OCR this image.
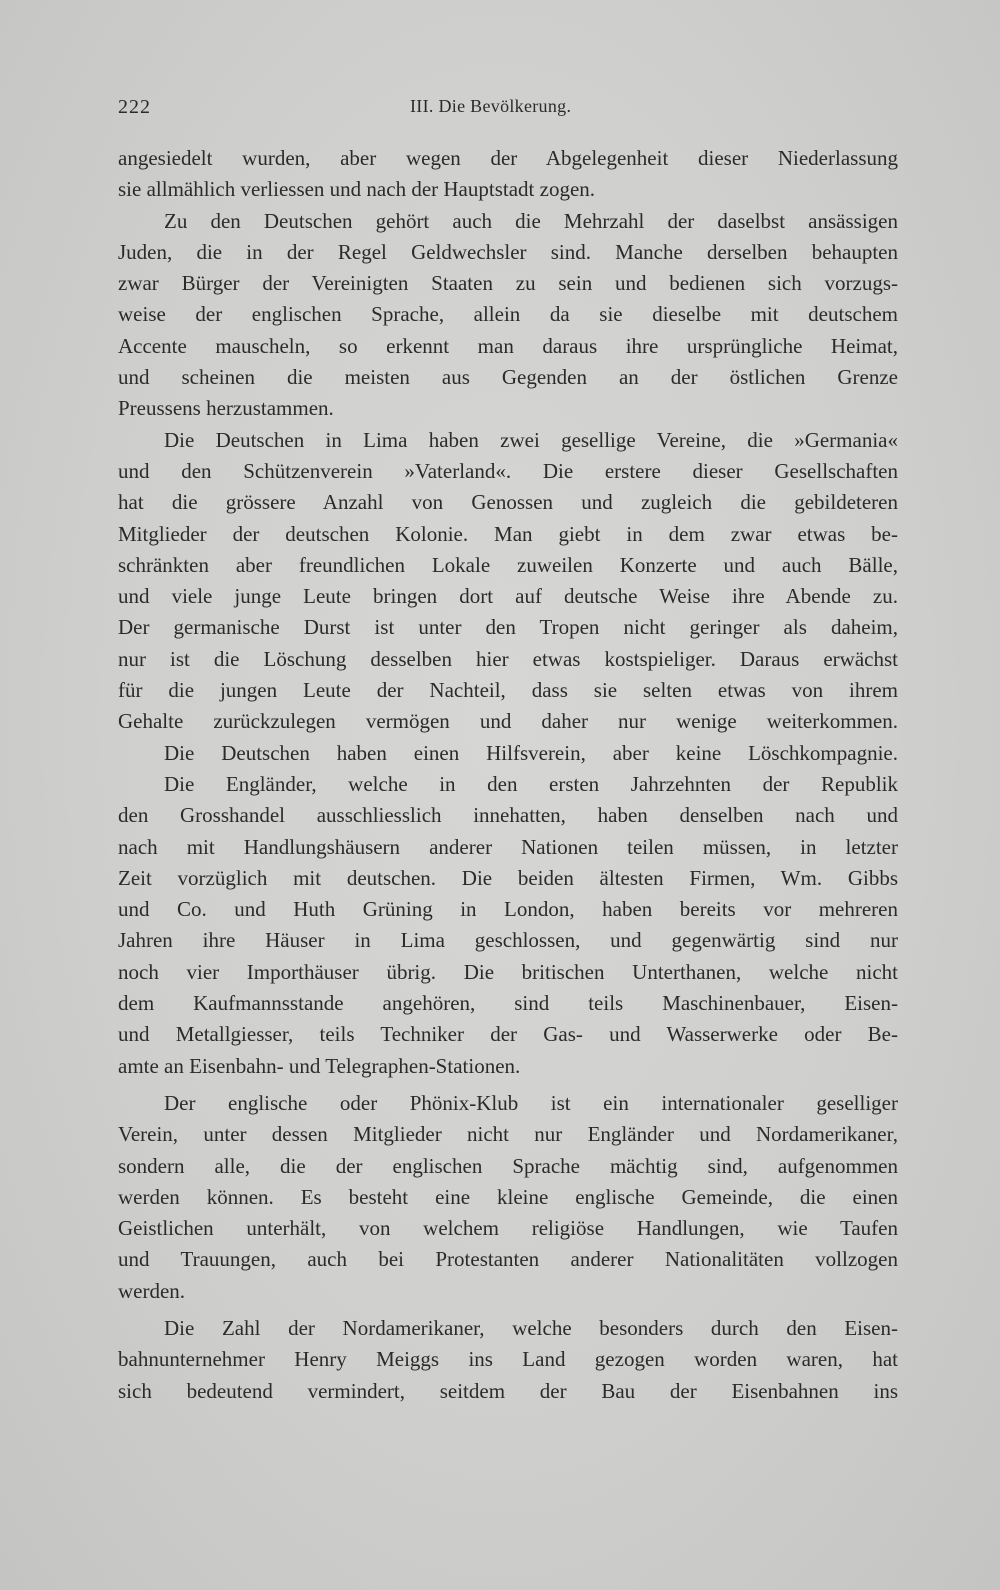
222	III. Die Bevölkerung.
angesiedelt wurden, aber wegen der Abgelegenheit dieser Niederlassung
sie allmählich verliessen und nach der Hauptstadt zogen.
Zu den Deutschen gehört auch die Mehrzahl der daselbst ansässigen
Juden, die in der Regel Geldwechsler sind. Manche derselben behaupten
zwar Bürger der Vereinigten Staaten zu sein und bedienen sich vorzugs-
weise der englischen Sprache, allein da sie dieselbe mit deutschem
Accente mauscheln, so erkennt man daraus ihre ursprüngliche Heimat,
und scheinen die meisten aus Gegenden an der östlichen Grenze
Preussens herzustammen.
Die Deutschen in Lima haben zwei gesellige Vereine, die »Germania«
und den Schützenverein »Vaterland«. Die erstere dieser Gesellschaften
hat die grössere Anzahl von Genossen und zugleich die gebildeteren
Mitglieder der deutschen Kolonie. Man giebt in dem zwar etwas be-
schränkten aber freundlichen Lokale zuweilen Konzerte und auch Bälle,
und viele junge Leute bringen dort auf deutsche Weise ihre Abende zu.
Der germanische Durst ist unter den Tropen nicht geringer als daheim,
nur ist die Löschung desselben hier etwas kostspieliger. Daraus erwächst
für die jungen Leute der Nachteil, dass sie selten etwas von ihrem
Gehalte zurückzulegen vermögen und daher nur wenige weiterkommen.
Die Deutschen haben einen Hilfsverein, aber keine Löschkompagnie.
Die Engländer, welche in den ersten Jahrzehnten der Republik
den Grosshandel ausschliesslich innehatten, haben denselben nach und
nach mit Handlungshäusern anderer Nationen teilen müssen, in letzter
Zeit vorzüglich mit deutschen. Die beiden ältesten Firmen, Wm. Gibbs
und Co. und Huth Grüning in London, haben bereits vor mehreren
Jahren ihre Häuser in Lima geschlossen, und gegenwärtig sind nur
noch vier Importhäuser übrig. Die britischen Unterthanen, welche nicht
dem Kaufmannsstande angehören, sind teils Maschinenbauer, Eisen-
und Metallgiesser, teils Techniker der Gas- und Wasserwerke oder Be-
amte an Eisenbahn- und Telegraphen-Stationen.
Der englische oder Phönix-Klub ist ein internationaler geselliger
Verein, unter dessen Mitglieder nicht nur Engländer und Nordamerikaner,
sondern alle, die der englischen Sprache mächtig sind, aufgenommen
werden können. Es besteht eine kleine englische Gemeinde, die einen
Geistlichen unterhält, von welchem religiöse Handlungen, wie Taufen
und Trauungen, auch bei Protestanten anderer Nationalitäten vollzogen
werden.
Die Zahl der Nordamerikaner, welche besonders durch den Eisen-
bahnunternehmer Henry Meiggs ins Land gezogen worden waren, hat
sich bedeutend vermindert, seitdem der Bau der Eisenbahnen ins
